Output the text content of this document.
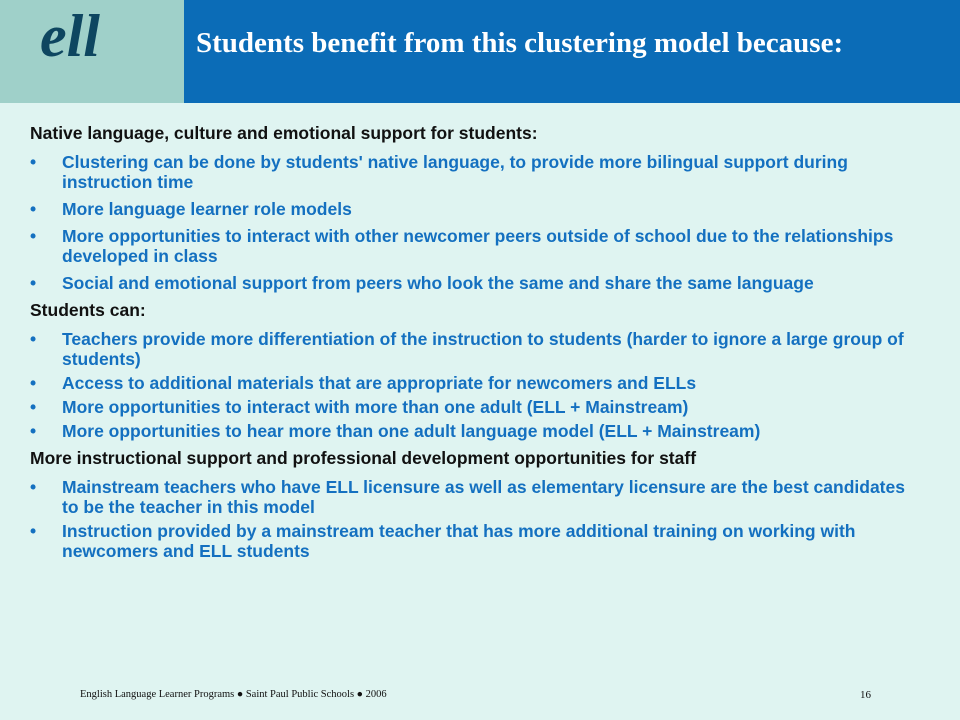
ell	Students benefit from this clustering model because:
Native language, culture and emotional support for students:
• Clustering can be done by students' native language, to provide more bilingual support during instruction time
• More language learner role models
• More opportunities to interact with other newcomer peers outside of school due to the relationships developed in class
• Social and emotional support from peers who look the same and share the same language
Students can:
• Teachers provide more differentiation of the instruction to students (harder to ignore a large group of students)
• Access to additional materials that are appropriate for newcomers and ELLs
• More opportunities to interact with more than one adult (ELL + Mainstream)
• More opportunities to hear more than one adult language model (ELL + Mainstream)
More instructional support and professional development opportunities for staff
• Mainstream teachers who have ELL licensure as well as elementary licensure are the best candidates to be the teacher in this model
• Instruction provided by a mainstream teacher that has more additional training on working with newcomers and ELL students
English Language Learner Programs ● Saint Paul Public Schools ● 2006	16
